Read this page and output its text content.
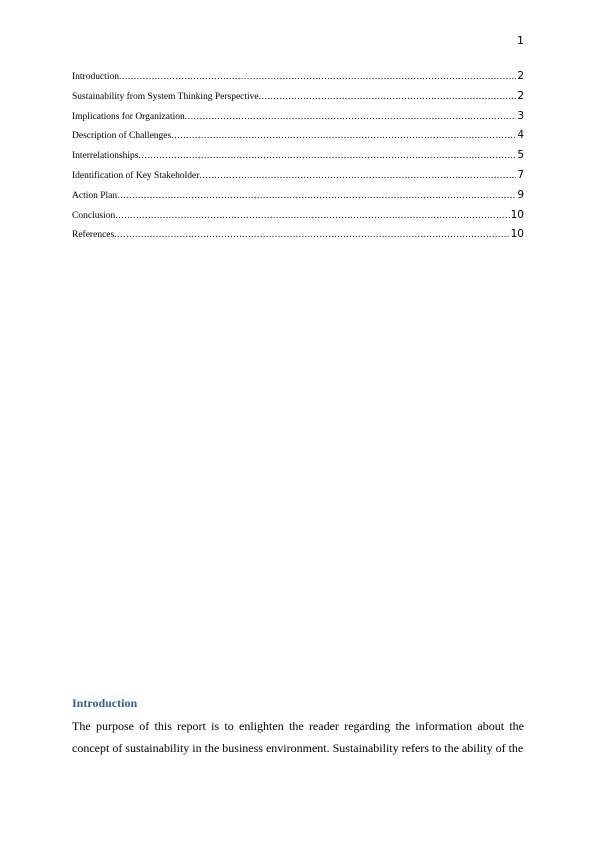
1
Introduction .....	2
Sustainability from System Thinking Perspective .....	2
Implications for Organization .....	3
Description of Challenges .....	4
Interrelationships .....	5
Identification of Key Stakeholder .....	7
Action Plan .....	9
Conclusion .....	10
References .....	10
Introduction
The purpose of this report is to enlighten the reader regarding the information about the concept of sustainability in the business environment. Sustainability refers to the ability of the
